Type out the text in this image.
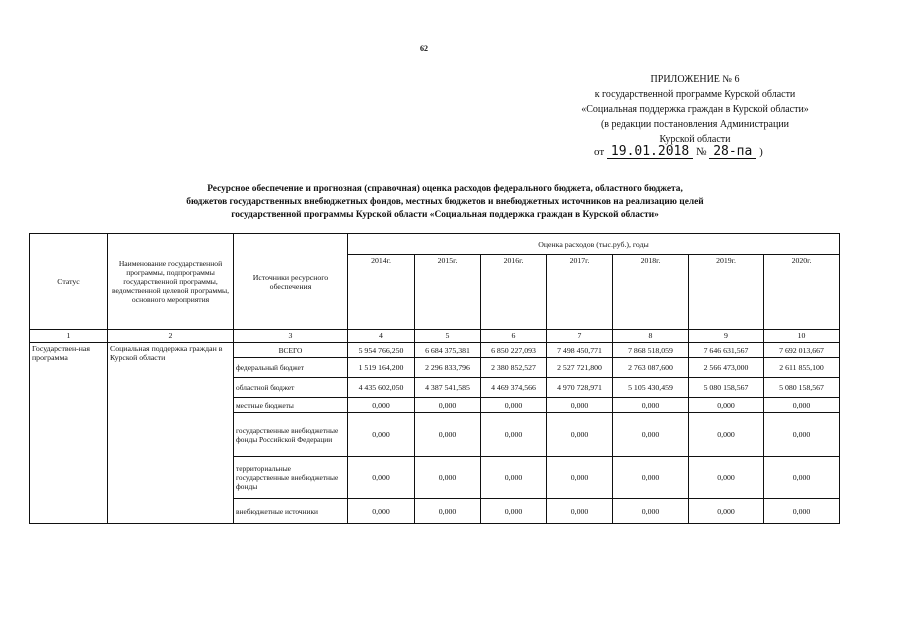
62
ПРИЛОЖЕНИЕ № 6
к государственной программе Курской области
«Социальная поддержка граждан в Курской области»
(в редакции постановления Администрации
Курской области
от 19.01.2018 № 28-па )
Ресурсное обеспечение и прогнозная (справочная) оценка расходов федерального бюджета, областного бюджета,
бюджетов государственных внебюджетных фондов, местных бюджетов и внебюджетных источников на реализацию целей
государственной программы Курской области «Социальная поддержка граждан в Курской области»
Статус	Наименование государственной программы, подпрограммы государственной программы, ведомственной целевой программы, основного мероприятия	Источники ресурсного обеспечения	Оценка расходов (тыс.руб.), годы						
			2014г.	2015г.	2016г.	2017г.	2018г.	2019г.	2020г.
1	2	3	4	5	6	7	8	9	10
Государствен-ная программа	Социальная поддержка граждан в Курской области	ВСЕГО	5 954 766,250	6 684 375,381	6 850 227,093	7 498 450,771	7 868 518,059	7 646 631,567	7 692 013,667
		федеральный бюджет	1 519 164,200	2 296 833,796	2 380 852,527	2 527 721,800	2 763 087,600	2 566 473,000	2 611 855,100
		областной бюджет	4 435 602,050	4 387 541,585	4 469 374,566	4 970 728,971	5 105 430,459	5 080 158,567	5 080 158,567
		местные бюджеты	0,000	0,000	0,000	0,000	0,000	0,000	0,000
		государственные внебюджетные фонды Российской Федерации	0,000	0,000	0,000	0,000	0,000	0,000	0,000
		территориальные государственные внебюджетные фонды	0,000	0,000	0,000	0,000	0,000	0,000	0,000
		внебюджетные источники	0,000	0,000	0,000	0,000	0,000	0,000	0,000
